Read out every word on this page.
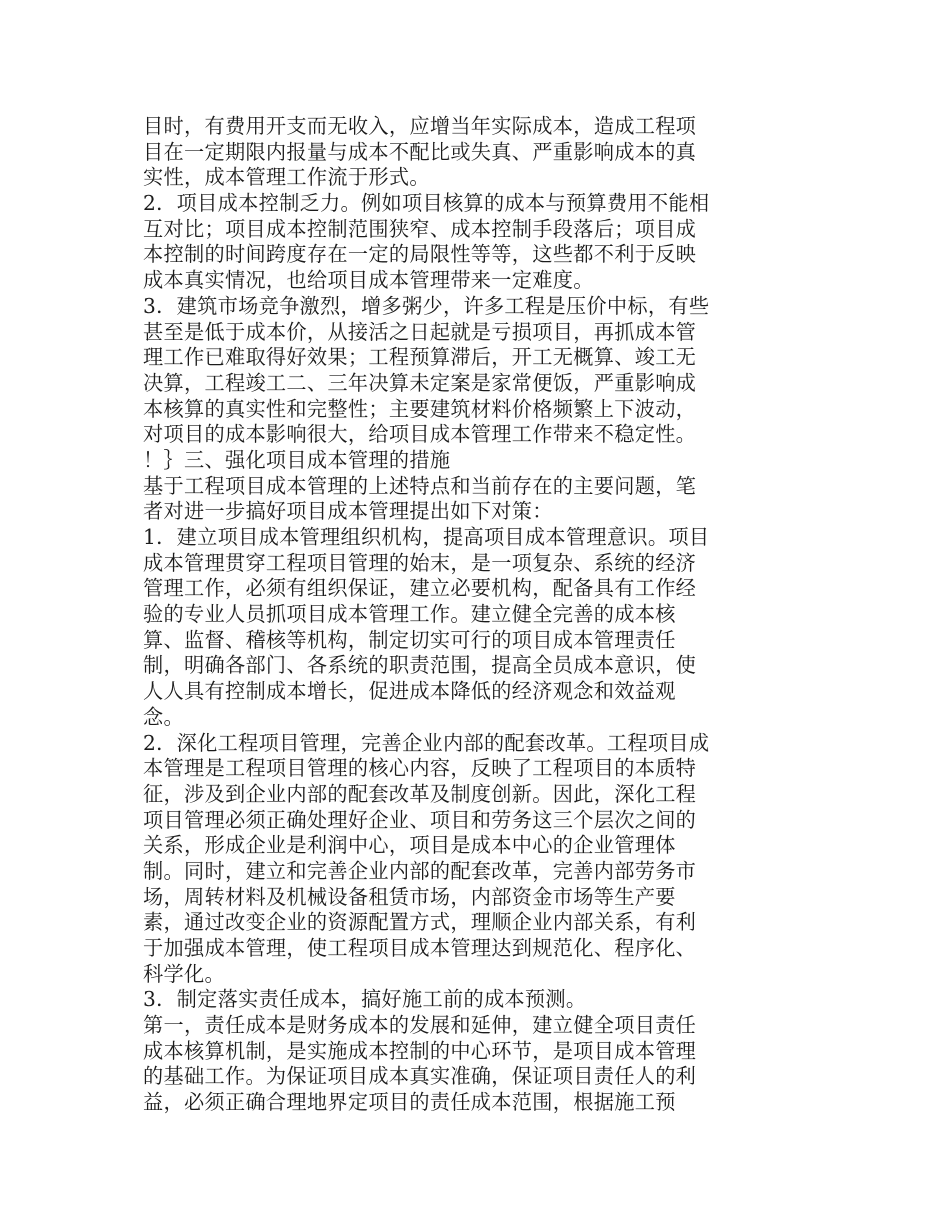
目时，有费用开支而无收入，应增当年实际成本，造成工程项
目在一定期限内报量与成本不配比或失真、严重影响成本的真
实性，成本管理工作流于形式。
2．项目成本控制乏力。例如项目核算的成本与预算费用不能相
互对比；项目成本控制范围狭窄、成本控制手段落后；项目成
本控制的时间跨度存在一定的局限性等等，这些都不利于反映
成本真实情况，也给项目成本管理带来一定难度。
3．建筑市场竞争激烈，增多粥少，许多工程是压价中标，有些
甚至是低于成本价，从接活之日起就是亏损项目，再抓成本管
理工作已难取得好效果；工程预算滞后，开工无概算、竣工无
决算，工程竣工二、三年决算未定案是家常便饭，严重影响成
本核算的真实性和完整性；主要建筑材料价格频繁上下波动，
对项目的成本影响很大，给项目成本管理工作带来不稳定性。
！｝三、强化项目成本管理的措施
基于工程项目成本管理的上述特点和当前存在的主要问题，笔
者对进一步搞好项目成本管理提出如下对策：
1．建立项目成本管理组织机构，提高项目成本管理意识。项目
成本管理贯穿工程项目管理的始末，是一项复杂、系统的经济
管理工作，必须有组织保证，建立必要机构，配备具有工作经
验的专业人员抓项目成本管理工作。建立健全完善的成本核
算、监督、稽核等机构，制定切实可行的项目成本管理责任
制，明确各部门、各系统的职责范围，提高全员成本意识，使
人人具有控制成本增长，促进成本降低的经济观念和效益观
念。
2．深化工程项目管理，完善企业内部的配套改革。工程项目成
本管理是工程项目管理的核心内容，反映了工程项目的本质特
征，涉及到企业内部的配套改革及制度创新。因此，深化工程
项目管理必须正确处理好企业、项目和劳务这三个层次之间的
关系，形成企业是利润中心，项目是成本中心的企业管理体
制。同时，建立和完善企业内部的配套改革，完善内部劳务市
场，周转材料及机械设备租赁市场，内部资金市场等生产要
素，通过改变企业的资源配置方式，理顺企业内部关系，有利
于加强成本管理，使工程项目成本管理达到规范化、程序化、
科学化。
3．制定落实责任成本，搞好施工前的成本预测。
第一，责任成本是财务成本的发展和延伸，建立健全项目责任
成本核算机制，是实施成本控制的中心环节，是项目成本管理
的基础工作。为保证项目成本真实准确，保证项目责任人的利
益，必须正确合理地界定项目的责任成本范围，根据施工预
